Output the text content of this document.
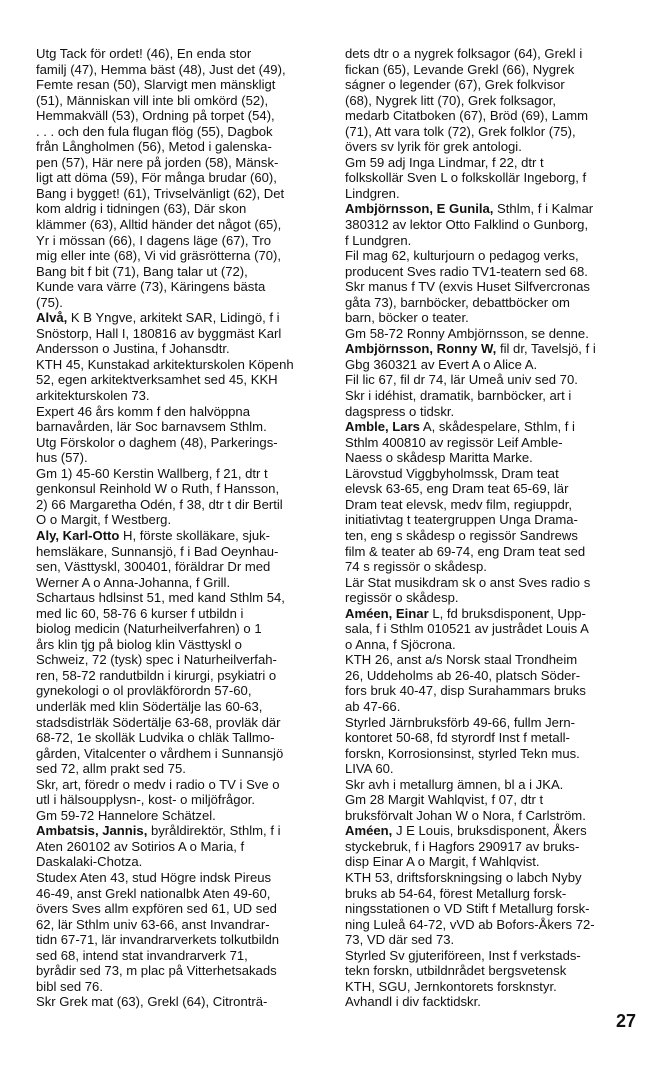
Utg Tack för ordet! (46), En enda stor
familj (47), Hemma bäst (48), Just det (49),
Femte resan (50), Slarvigt men mänskligt
(51), Människan vill inte bli omkörd (52),
Hemmakväll (53), Ordning på torpet (54),
. . . och den fula flugan flög (55), Dagbok
från Långholmen (56), Metod i galenska-
pen (57), Här nere på jorden (58), Mänsk-
ligt att döma (59), För många brudar (60),
Bang i bygget! (61), Trivselvänligt (62), Det
kom aldrig i tidningen (63), Där skon
klämmer (63), Alltid händer det något (65),
Yr i mössan (66), I dagens läge (67), Tro
mig eller inte (68), Vi vid gräsrötterna (70),
Bang bit f bit (71), Bang talar ut (72),
Kunde vara värre (73), Käringens bästa
(75).
Alvå, K B Yngve, arkitekt SAR, Lidingö, f i
Snöstorp, Hall I, 180816 av byggmäst Karl
Andersson o Justina, f Johansdtr.
KTH 45, Kunstakad arkitekturskolen Köpenh
52, egen arkitektverksamhet sed 45, KKH
arkitekturskolen 73.
Expert 46 års komm f den halvöppna
barnavården, lär Soc barnavsem Sthlm.
Utg Förskolor o daghem (48), Parkerings-
hus (57).
Gm 1) 45-60 Kerstin Wallberg, f 21, dtr t
genkonsul Reinhold W o Ruth, f Hansson,
2) 66 Margaretha Odén, f 38, dtr t dir Bertil
O o Margit, f Westberg.
Aly, Karl-Otto H, förste skolläkare, sjuk-
hemsläkare, Sunnansjö, f i Bad Oeynhau-
sen, Västtyskl, 300401, föräldrar Dr med
Werner A o Anna-Johanna, f Grill.
Schartaus hdlsinst 51, med kand Sthlm 54,
med lic 60, 58-76 6 kurser f utbildn i
biolog medicin (Naturheilverfahren) o 1
års klin tjg på biolog klin Västtyskl o
Schweiz, 72 (tysk) spec i Naturheilverfah-
ren, 58-72 randutbildn i kirurgi, psykiatri o
gynekologi o ol provläkförordn 57-60,
underläk med klin Södertälje las 60-63,
stadsdistrläk Södertälje 63-68, provläk där
68-72, 1e skolläk Ludvika o chläk Tallmo-
gården, Vitalcenter o vårdhem i Sunnansjö
sed 72, allm prakt sed 75.
Skr, art, föredr o medv i radio o TV i Sve o
utl i hälsoupplysn-, kost- o miljöfrågor.
Gm 59-72 Hannelore Schätzel.
Ambatsis, Jannis, byråldirektör, Sthlm, f i
Aten 260102 av Sotirios A o Maria, f
Daskalaki-Chotza.
Studex Aten 43, stud Högre indsk Pireus
46-49, anst Grekl nationalbk Aten 49-60,
övers Sves allm expfören sed 61, UD sed
62, lär Sthlm univ 63-66, anst Invandrar-
tidn 67-71, lär invandrarverkets tolkutbildn
sed 68, intend stat invandrarverk 71,
byrådir sed 73, m plac på Vitterhetsakads
bibl sed 76.
Skr Grek mat (63), Grekl (64), Citronträ-
dets dtr o a nygrek folksagor (64), Grekl i
fickan (65), Levande Grekl (66), Nygrek
ságner o legender (67), Grek folkvisor
(68), Nygrek litt (70), Grek folksagor,
medarb Citatboken (67), Bröd (69), Lamm
(71), Att vara tolk (72), Grek folklor (75),
övers sv lyrik för grek antologi.
Gm 59 adj Inga Lindmar, f 22, dtr t
folkskollär Sven L o folkskollär Ingeborg, f
Lindgren.
Ambjörnsson, E Gunila, Sthlm, f i Kalmar
380312 av lektor Otto Falklind o Gunborg,
f Lundgren.
Fil mag 62, kulturjourn o pedagog verks,
producent Sves radio TV1-teatern sed 68.
Skr manus f TV (exvis Huset Silfvercronas
gåta 73), barnböcker, debattböcker om
barn, böcker o teater.
Gm 58-72 Ronny Ambjörnsson, se denne.
Ambjörnsson, Ronny W, fil dr, Tavelsjö, f i
Gbg 360321 av Evert A o Alice A.
Fil lic 67, fil dr 74, lär Umeå univ sed 70.
Skr i idéhist, dramatik, barnböcker, art i
dagspress o tidskr.
Amble, Lars A, skådespelare, Sthlm, f i
Sthlm 400810 av regissör Leif Amble-
Naess o skådesp Maritta Marke.
Lärovstud Viggbyholmssk, Dram teat
elevsk 63-65, eng Dram teat 65-69, lär
Dram teat elevsk, medv film, regiuppdr,
initiativtag t teatergruppen Unga Drama-
ten, eng s skådesp o regissör Sandrews
film & teater ab 69-74, eng Dram teat sed
74 s regissör o skådesp.
Lär Stat musikdram sk o anst Sves radio s
regissör o skådesp.
Améen, Einar L, fd bruksdisponent, Upp-
sala, f i Sthlm 010521 av justrådet Louis A
o Anna, f Sjöcrona.
KTH 26, anst a/s Norsk staal Trondheim
26, Uddeholms ab 26-40, platsch Söder-
fors bruk 40-47, disp Surahammars bruks
ab 47-66.
Styrled Järnbruksförb 49-66, fullm Jern-
kontoret 50-68, fd styrordf Inst f metall-
forskn, Korrosionsinst, styrled Tekn mus.
LIVA 60.
Skr avh i metallurg ämnen, bl a i JKA.
Gm 28 Margit Wahlqvist, f 07, dtr t
bruksförvalt Johan W o Nora, f Carlström.
Améen, J E Louis, bruksdisponent, Åkers
styckebruk, f i Hagfors 290917 av bruks-
disp Einar A o Margit, f Wahlqvist.
KTH 53, driftsforskningsing o labch Nyby
bruks ab 54-64, förest Metallurg forsk-
ningsstationen o VD Stift f Metallurg forsk-
ning Luleå 64-72, vVD ab Bofors-Åkers 72-
73, VD där sed 73.
Styrled Sv gjuteriföreen, Inst f verkstads-
tekn forskn, utbildnrådet bergsvetensk
KTH, SGU, Jernkontorets forsknstyr.
Avhandl i div facktidskr.
27
